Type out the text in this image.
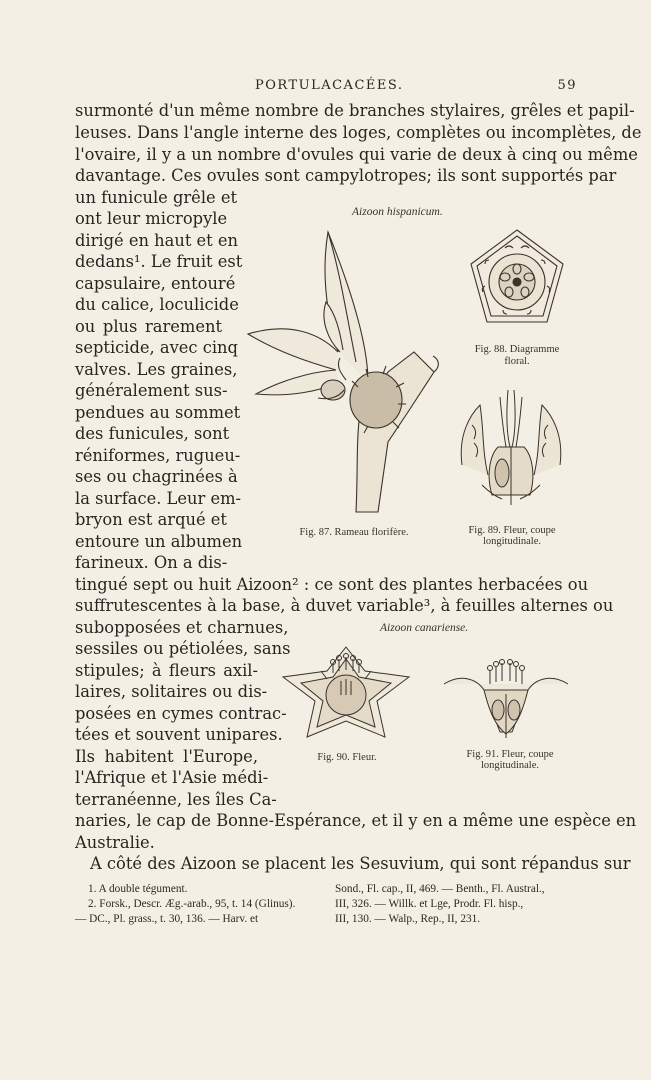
PORTULACACÉES.	59
surmonté d'un même nombre de branches stylaires, grêles et papil-
leuses. Dans l'angle interne des loges, complètes ou incomplètes, de
l'ovaire, il y a un nombre d'ovules qui varie de deux à cinq ou même
davantage. Ces ovules sont campylotropes; ils sont supportés par
un funicule grêle et
ont leur micropyle
dirigé en haut et en
dedans¹. Le fruit est
capsulaire, entouré
du calice, loculicide
ou plus rarement
septicide, avec cinq
valves. Les graines,
généralement sus-
pendues au sommet
des funicules, sont
réniformes, rugueu-
ses ou chagrinées à
la surface. Leur em-
bryon est arqué et
entoure un albumen
farineux. On a dis-
tingué sept ou huit Aizoon² : ce sont des plantes herbacées ou
suffrutescentes à la base, à duvet variable³, à feuilles alternes ou
subopposées et charnues,
sessiles ou pétiolées, sans
stipules; à fleurs axil-
laires, solitaires ou dis-
posées en cymes contrac-
tées et souvent unipares.
Ils habitent l'Europe,
l'Afrique et l'Asie médi-
terranéenne, les îles Ca-
naries, le cap de Bonne-Espérance, et il y en a même une espèce en
Australie.
A côté des Aizoon se placent les Sesuvium, qui sont répandus sur
Aizoon hispanicum.
Aizoon canariense.
Fig. 88. Diagramme
floral.
Fig. 87. Rameau florifère.	Fig. 89. Fleur, coupe
longitudinale.
Fig. 90. Fleur.	Fig. 91. Fleur, coupe
longitudinale.
1. A double tégument.
2. Forsk., Descr. Æg.-arab., 95, t. 14 (Glinus).
— DC., Pl. grass., t. 30, 136. — Harv. et
Sond., Fl. cap., II, 469. — Benth., Fl. Austral.,
III, 326. — Willk. et Lge, Prodr. Fl. hisp.,
III, 130. — Walp., Rep., II, 231.
